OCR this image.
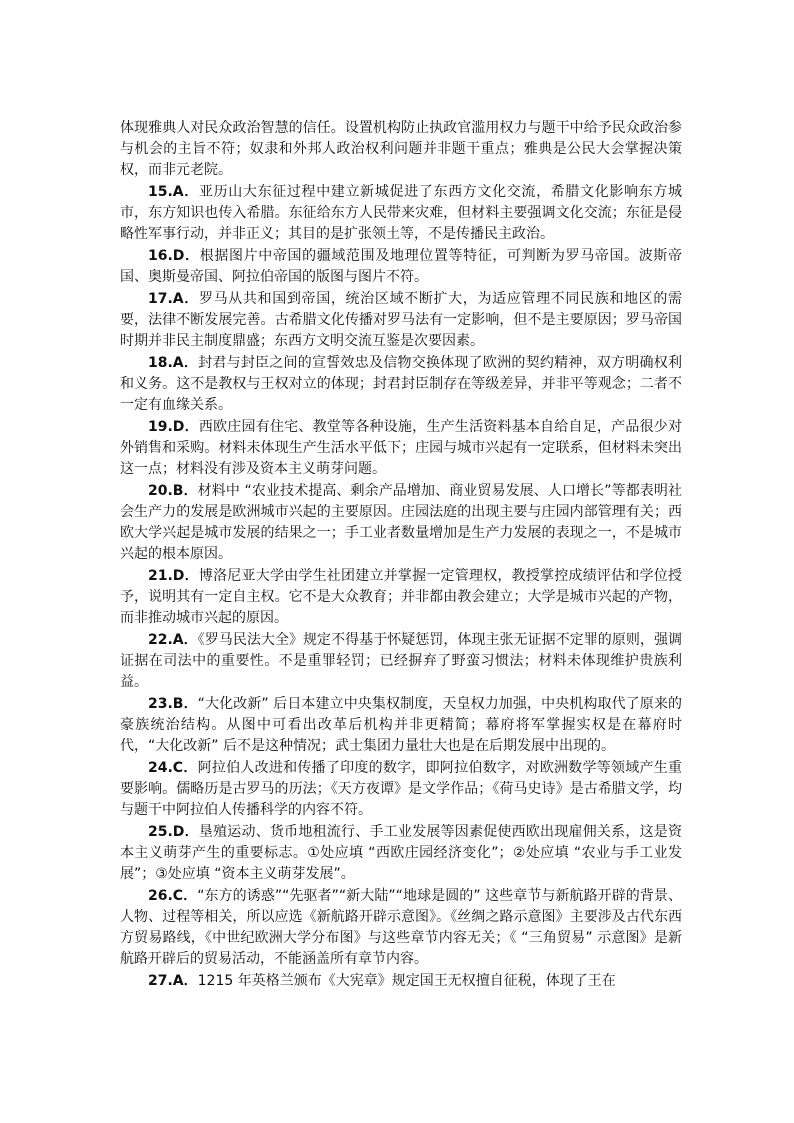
体现雅典人对民众政治智慧的信任。设置机构防止执政官滥用权力与题干中给予民众政治参与机会的主旨不符；奴隶和外邦人政治权利问题并非题干重点；雅典是公民大会掌握决策权，而非元老院。

15.A．亚历山大东征过程中建立新城促进了东西方文化交流，希腊文化影响东方城市，东方知识也传入希腊。东征给东方人民带来灾难，但材料主要强调文化交流；东征是侵略性军事行动，并非正义；其目的是扩张领土等，不是传播民主政治。

16.D．根据图片中帝国的疆域范围及地理位置等特征，可判断为罗马帝国。波斯帝国、奥斯曼帝国、阿拉伯帝国的版图与图片不符。

17.A．罗马从共和国到帝国，统治区域不断扩大，为适应管理不同民族和地区的需要，法律不断发展完善。古希腊文化传播对罗马法有一定影响，但不是主要原因；罗马帝国时期并非民主制度鼎盛；东西方文明交流互鉴是次要因素。

18.A．封君与封臣之间的宣誓效忠及信物交换体现了欧洲的契约精神，双方明确权利和义务。这不是教权与王权对立的体现；封君封臣制存在等级差异，并非平等观念；二者不一定有血缘关系。

19.D．西欧庄园有住宅、教堂等各种设施，生产生活资料基本自给自足，产品很少对外销售和采购。材料未体现生产生活水平低下；庄园与城市兴起有一定联系，但材料未突出这一点；材料没有涉及资本主义萌芽问题。

20.B．材料中 “农业技术提高、剩余产品增加、商业贸易发展、人口增长”等都表明社会生产力的发展是欧洲城市兴起的主要原因。庄园法庭的出现主要与庄园内部管理有关；西欧大学兴起是城市发展的结果之一；手工业者数量增加是生产力发展的表现之一，不是城市兴起的根本原因。

21.D．博洛尼亚大学由学生社团建立并掌握一定管理权，教授掌控成绩评估和学位授予，说明其有一定自主权。它不是大众教育；并非都由教会建立；大学是城市兴起的产物，而非推动城市兴起的原因。

22.A．《罗马民法大全》规定不得基于怀疑惩罚，体现主张无证据不定罪的原则，强调证据在司法中的重要性。不是重罪轻罚；已经摒弃了野蛮习惯法；材料未体现维护贵族利益。

23.B．“大化改新” 后日本建立中央集权制度，天皇权力加强，中央机构取代了原来的豪族统治结构。从图中可看出改革后机构并非更精简；幕府将军掌握实权是在幕府时代，“大化改新” 后不是这种情况；武士集团力量壮大也是在后期发展中出现的。

24.C．阿拉伯人改进和传播了印度的数字，即阿拉伯数字，对欧洲数学等领域产生重要影响。儒略历是古罗马的历法；《天方夜谭》是文学作品；《荷马史诗》是古希腊文学，均与题干中阿拉伯人传播科学的内容不符。

25.D．垦殖运动、货币地租流行、手工业发展等因素促使西欧出现雇佣关系，这是资本主义萌芽产生的重要标志。①处应填 “西欧庄园经济变化”；②处应填 “农业与手工业发展”；③处应填 “资本主义萌芽发展”。

26.C．“东方的诱惑”“先驱者”“新大陆”“地球是圆的” 这些章节与新航路开辟的背景、人物、过程等相关，所以应选《新航路开辟示意图》。《丝绸之路示意图》主要涉及古代东西方贸易路线，《中世纪欧洲大学分布图》与这些章节内容无关；《 “三角贸易” 示意图》是新航路开辟后的贸易活动，不能涵盖所有章节内容。

27.A．1215 年英格兰颁布《大宪章》规定国王无权擅自征税，体现了王在
